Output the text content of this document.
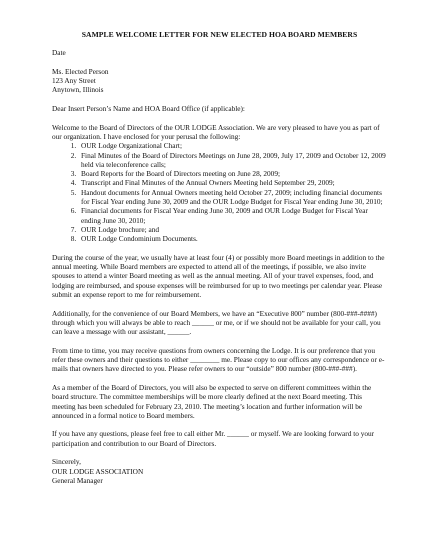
SAMPLE WELCOME LETTER FOR NEW ELECTED HOA BOARD MEMBERS

Date

Ms. Elected Person
123 Any Street
Anytown, Illinois

Dear Insert Person’s Name and HOA Board Office (if applicable):

Welcome to the Board of Directors of the OUR LODGE Association. We are very pleased to have you as part of our organization. I have enclosed for your perusal the following:

1. OUR Lodge Organizational Chart;
2. Final Minutes of the Board of Directors Meetings on June 28, 2009, July 17, 2009 and October 12, 2009 held via teleconference calls;
3. Board Reports for the Board of Directors meeting on June 28, 2009;
4. Transcript and Final Minutes of the Annual Owners Meeting held September 29, 2009;
5. Handout documents for Annual Owners meeting held October 27, 2009; including financial documents for Fiscal Year ending June 30, 2009 and the OUR Lodge Budget for Fiscal Year ending June 30, 2010;
6. Financial documents for Fiscal Year ending June 30, 2009 and OUR Lodge Budget for Fiscal Year ending June 30, 2010;
7. OUR Lodge brochure; and
8. OUR Lodge Condominium Documents.

During the course of the year, we usually have at least four (4) or possibly more Board meetings in addition to the annual meeting. While Board members are expected to attend all of the meetings, if possible, we also invite spouses to attend a winter Board meeting as well as the annual meeting. All of your travel expenses, food, and lodging are reimbursed, and spouse expenses will be reimbursed for up to two meetings per calendar year. Please submit an expense report to me for reimbursement.

Additionally, for the convenience of our Board Members, we have an “Executive 800” number (800-###-####) through which you will always be able to reach ______ or me, or if we should not be available for your call, you can leave a message with our assistant, ______.

From time to time, you may receive questions from owners concerning the Lodge. It is our preference that you refer these owners and their questions to either ________ me. Please copy to our offices any correspondence or e-mails that owners have directed to you. Please refer owners to our “outside” 800 number (800-###-###).

As a member of the Board of Directors, you will also be expected to serve on different committees within the board structure. The committee memberships will be more clearly defined at the next Board meeting. This meeting has been scheduled for February 23, 2010. The meeting’s location and further information will be announced in a formal notice to Board members.

If you have any questions, please feel free to call either Mr. ______ or myself. We are looking forward to your participation and contribution to our Board of Directors.

Sincerely,
OUR LODGE ASSOCIATION
General Manager
